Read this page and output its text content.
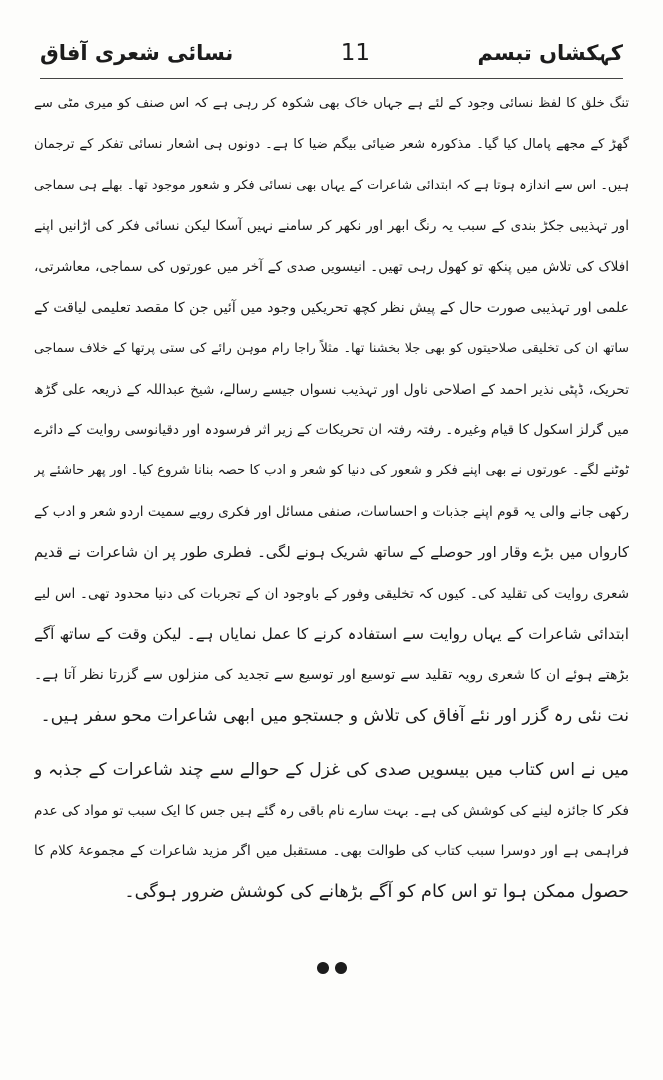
نسائی شعری آفاق	11	کہکشاں تبسم
تنگ خلق کا لفظ نسائی وجود کے لئے ہے جہاں خاک بھی شکوہ کر رہی ہے کہ اس صنف کو میری مٹی سے
گھڑ کے مجھے پامال کیا گیا۔ مذکورہ شعر ضیائی بیگم ضیا کا ہے۔ دونوں ہی اشعار نسائی تفکر کے ترجمان
ہیں۔ اس سے اندازہ ہوتا ہے کہ ابتدائی شاعرات کے یہاں بھی نسائی فکر و شعور موجود تھا۔ بھلے ہی سماجی
اور تہذیبی جکڑ بندی کے سبب یہ رنگ ابھر اور نکھر کر سامنے نہیں آسکا لیکن نسائی فکر کی اڑانیں اپنے
افلاک کی تلاش میں پنکھ تو کھول رہی تھیں۔ انیسویں صدی کے آخر میں عورتوں کی سماجی، معاشرتی،
علمی اور تہذیبی صورت حال کے پیش نظر کچھ تحریکیں وجود میں آئیں جن کا مقصد تعلیمی لیاقت کے
ساتھ ان کی تخلیقی صلاحیتوں کو بھی جلا بخشنا تھا۔ مثلاً راجا رام موہن رائے کی ستی پرتھا کے خلاف سماجی
تحریک، ڈپٹی نذیر احمد کے اصلاحی ناول اور تہذیب نسواں جیسے رسالے، شیخ عبداللہ کے ذریعہ علی گڑھ
میں گرلز اسکول کا قیام وغیرہ۔ رفتہ رفتہ ان تحریکات کے زیر اثر فرسودہ اور دقیانوسی روایت کے دائرے
ٹوٹنے لگے۔ عورتوں نے بھی اپنے فکر و شعور کی دنیا کو شعر و ادب کا حصہ بنانا شروع کیا۔ اور پھر حاشئے پر
رکھی جانے والی یہ قوم اپنے جذبات و احساسات، صنفی مسائل اور فکری رویے سمیت اردو شعر و ادب کے
کارواں میں بڑے وقار اور حوصلے کے ساتھ شریک ہونے لگی۔ فطری طور پر ان شاعرات نے قدیم
شعری روایت کی تقلید کی۔ کیوں کہ تخلیقی وفور کے باوجود ان کے تجربات کی دنیا محدود تھی۔ اس لیے
ابتدائی شاعرات کے یہاں روایت سے استفادہ کرنے کا عمل نمایاں ہے۔ لیکن وقت کے ساتھ آگے
بڑھتے ہوئے ان کا شعری رویہ تقلید سے توسیع اور توسیع سے تجدید کی منزلوں سے گزرتا نظر آتا ہے۔
نت نئی رہ گزر اور نئے آفاق کی تلاش و جستجو میں ابھی شاعرات محو سفر ہیں۔
میں نے اس کتاب میں بیسویں صدی کی غزل کے حوالے سے چند شاعرات کے جذبہ و
فکر کا جائزہ لینے کی کوشش کی ہے۔ بہت سارے نام باقی رہ گئے ہیں جس کا ایک سبب تو مواد کی عدم
فراہمی ہے اور دوسرا سبب کتاب کی طوالت بھی۔ مستقبل میں اگر مزید شاعرات کے مجموعۂ کلام کا
حصول ممکن ہوا تو اس کام کو آگے بڑھانے کی کوشش ضرور ہوگی۔
